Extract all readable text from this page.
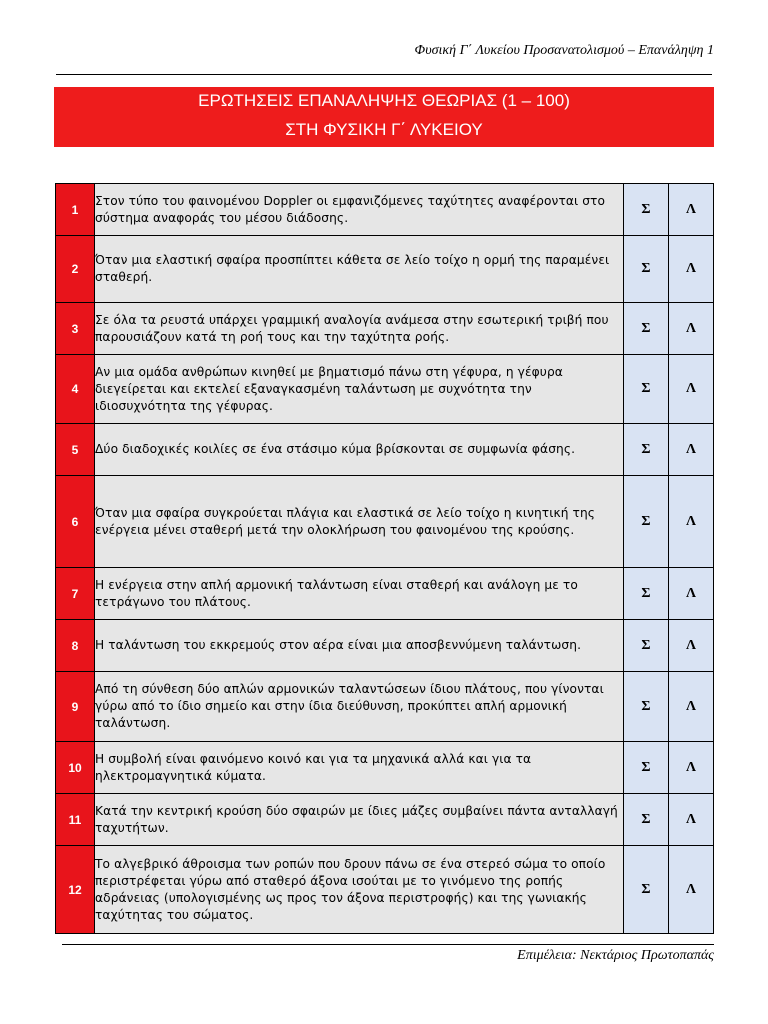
Φυσική Γ΄ Λυκείου Προσανατολισμού – Επανάληψη 1
ΕΡΩΤΗΣΕΙΣ ΕΠΑΝΑΛΗΨΗΣ ΘΕΩΡΙΑΣ (1 – 100)
ΣΤΗ ΦΥΣΙΚΗ Γ΄ ΛΥΚΕΙΟΥ
1	Στον τύπο του φαινομένου Doppler οι εμφανιζόμενες ταχύτητες αναφέρονται στο σύστημα αναφοράς του μέσου διάδοσης.	Σ	Λ
2	Όταν μια ελαστική σφαίρα προσπίπτει κάθετα σε λείο τοίχο η ορμή της παραμένει σταθερή.	Σ	Λ
3	Σε όλα τα ρευστά υπάρχει γραμμική αναλογία ανάμεσα στην εσωτερική τριβή που παρουσιάζουν κατά τη ροή τους και την ταχύτητα ροής.	Σ	Λ
4	Αν μια ομάδα ανθρώπων κινηθεί με βηματισμό πάνω στη γέφυρα, η γέφυρα διεγείρεται και εκτελεί εξαναγκασμένη ταλάντωση με συχνότητα την ιδιοσυχνότητα της γέφυρας.	Σ	Λ
5	Δύο διαδοχικές κοιλίες σε ένα στάσιμο κύμα βρίσκονται σε συμφωνία φάσης.	Σ	Λ
6	Όταν μια σφαίρα συγκρούεται πλάγια και ελαστικά σε λείο τοίχο η κινητική της ενέργεια μένει σταθερή μετά την ολοκλήρωση του φαινομένου της κρούσης.	Σ	Λ
7	Η ενέργεια στην απλή αρμονική ταλάντωση είναι σταθερή και ανάλογη με το τετράγωνο του πλάτους.	Σ	Λ
8	Η ταλάντωση του εκκρεμούς στον αέρα είναι μια αποσβεννύμενη ταλάντωση.	Σ	Λ
9	Από τη σύνθεση δύο απλών αρμονικών ταλαντώσεων ίδιου πλάτους, που γίνονται γύρω από το ίδιο σημείο και στην ίδια διεύθυνση, προκύπτει απλή αρμονική ταλάντωση.	Σ	Λ
10	Η συμβολή είναι φαινόμενο κοινό και για τα μηχανικά αλλά και για τα ηλεκτρομαγνητικά κύματα.	Σ	Λ
11	Κατά την κεντρική κρούση δύο σφαιρών με ίδιες μάζες συμβαίνει πάντα ανταλλαγή ταχυτήτων.	Σ	Λ
12	Το αλγεβρικό άθροισμα των ροπών που δρουν πάνω σε ένα στερεό σώμα το οποίο περιστρέφεται γύρω από σταθερό άξονα ισούται με το γινόμενο της ροπής αδράνειας (υπολογισμένης ως προς τον άξονα περιστροφής) και της γωνιακής ταχύτητας του σώματος.	Σ	Λ
Επιμέλεια: Νεκτάριος Πρωτοπαπάς
